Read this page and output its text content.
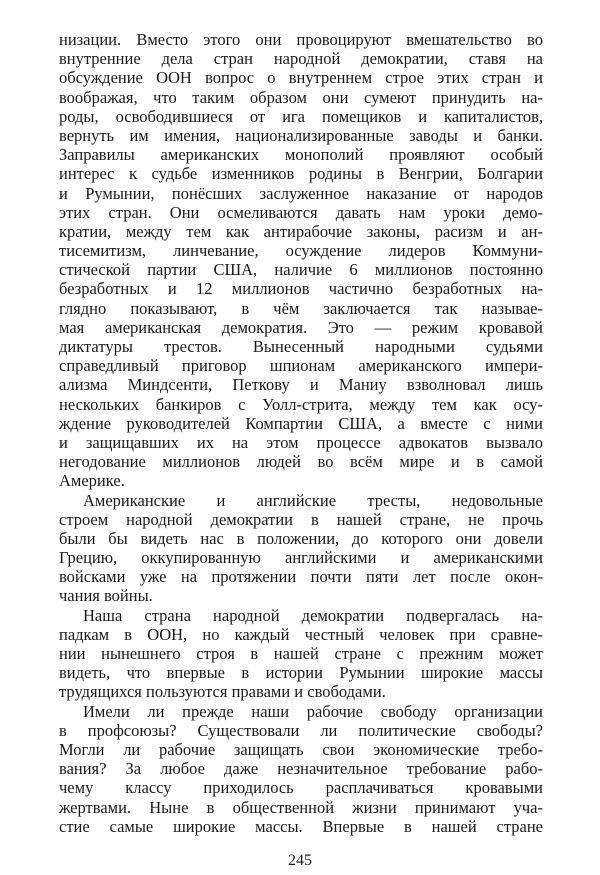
низации. Вместо этого они провоцируют вмешательство во
внутренние дела стран народной демократии, ставя на
обсуждение ООН вопрос о внутреннем строе этих стран и
воображая, что таким образом они сумеют принудить на-
роды, освободившиеся от ига помещиков и капиталистов,
вернуть им имения, национализированные заводы и банки.
Заправилы американских монополий проявляют особый
интерес к судьбе изменников родины в Венгрии, Болгарии
и Румынии, понёсших заслуженное наказание от народов
этих стран. Они осмеливаются давать нам уроки демо-
кратии, между тем как антирабочие законы, расизм и ан-
тисемитизм, линчевание, осуждение лидеров Коммуни-
стической партии США, наличие 6 миллионов постоянно
безработных и 12 миллионов частично безработных на-
глядно показывают, в чём заключается так называе-
мая американская демократия. Это — режим кровавой
диктатуры трестов. Вынесенный народными судьями
справедливый приговор шпионам американского импери-
ализма Миндсенти, Петкову и Маниу взволновал лишь
нескольких банкиров с Уолл-стрита, между тем как осу-
ждение руководителей Компартии США, а вместе с ними
и защищавших их на этом процессе адвокатов вызвало
негодование миллионов людей во всём мире и в самой
Америке.
Американские и английские тресты, недовольные
строем народной демократии в нашей стране, не прочь
были бы видеть нас в положении, до которого они довели
Грецию, оккупированную английскими и американскими
войсками уже на протяжении почти пяти лет после окон-
чания войны.
Наша страна народной демократии подвергалась на-
падкам в ООН, но каждый честный человек при сравне-
нии нынешнего строя в нашей стране с прежним может
видеть, что впервые в истории Румынии широкие массы
трудящихся пользуются правами и свободами.
Имели ли прежде наши рабочие свободу организации
в профсоюзы? Существовали ли политические свободы?
Могли ли рабочие защищать свои экономические требо-
вания? За любое даже незначительное требование рабо-
чему классу приходилось расплачиваться кровавыми
жертвами. Ныне в общественной жизни принимают уча-
стие самые широкие массы. Впервые в нашей стране
245
